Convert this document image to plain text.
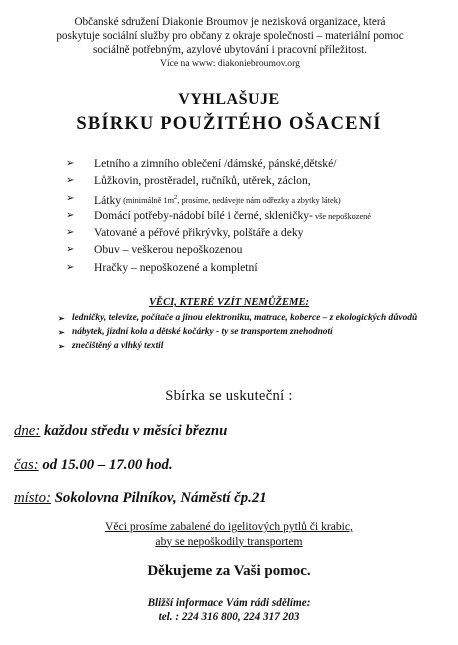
Občanské sdružení Diakonie Broumov je nezisková organizace, která
poskytuje sociální služby pro občany z okraje společnosti – materiální pomoc
sociálně potřebným, azylové ubytování i pracovní příležitost.
Více na www: diakoniebroumov.org
VYHLAŠUJE
SBÍRKU POUŽITÉHO OŠACENÍ
➢ Letního a zimního oblečení /dámské, pánské,dětské/
➢ Lůžkovin, prostěradel, ručníků, utěrek, záclon,
➢ Látky (minimálně $1m^2$, prosíme, nedávejte nám odřezky a zbytky látek)
➢ Domácí potřeby-nádobí bílé i černé, skleničky- vše nepoškozené
➢ Vatované a péřové přikrývky, polštáře a deky
➢ Obuv – veškerou nepoškozenou
➢ Hračky – nepoškozené a kompletní
VĚCI, KTERÉ VZÍT NEMŮŽEME:
➢ ledničky, televize, počítače a jinou elektroniku, matrace, koberce – z ekologických důvodů
➢ nábytek, jízdní kola a dětské kočárky - ty se transportem znehodnotí
➢ znečištěný a vlhký textil
Sbírka se uskuteční :
dne: každou středu v měsíci březnu
čas: od 15.00 – 17.00 hod.
místo: Sokolovna Pilníkov, Náměstí čp.21
Věci prosíme zabalené do igelitových pytlů či krabic,
aby se nepoškodily transportem
Děkujeme za Vaši pomoc.
Bližší informace Vám rádi sdělíme:
tel. : 224 316 800, 224 317 203
